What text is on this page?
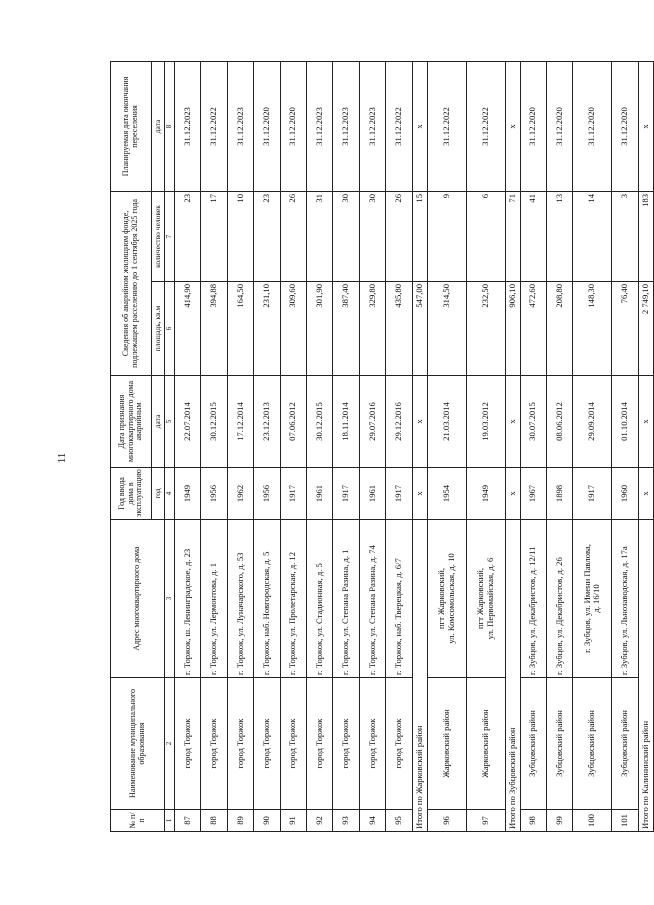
11
№ п/п	Наименование муниципального образования	Адрес многоквартирного дома	Год ввода дома в эксплуатацию	Дата признания многоквартирного дома аварийным	Сведения об аварийном жилищном фонде, подлежащем расселению до 1 сентября 2025 года		Планируемая дата окончания переселения
			год	дата	площадь, кв.м	количество человек	дата
1	2	3	4	5	6	7	8
87	город Торжок	г. Торжок, ш. Ленинградское, д. 23	1949	22.07.2014	414,90	23	31.12.2023
88	город Торжок	г. Торжок, ул. Лермонтова, д. 1	1956	30.12.2015	394,88	17	31.12.2022
89	город Торжок	г. Торжок, ул. Луначарского, д. 53	1962	17.12.2014	164,50	10	31.12.2023
90	город Торжок	г. Торжок, наб. Новгородская, д. 5	1956	23.12.2013	231,10	23	31.12.2020
91	город Торжок	г. Торжок, ул. Пролетарская, д. 12	1917	07.06.2012	309,60	26	31.12.2020
92	город Торжок	г. Торжок, ул. Стадионная, д. 5	1961	30.12.2015	301,90	31	31.12.2023
93	город Торжок	г. Торжок, ул. Степана Разина, д. 1	1917	18.11.2014	387,40	30	31.12.2023
94	город Торжок	г. Торжок, ул. Степана Разина, д. 74	1961	29.07.2016	329,80	30	31.12.2023
95	город Торжок	г. Торжок, наб. Тверецкая, д. 6/7	1917	29.12.2016	435,80	26	31.12.2022
Итого по Жарковский район			x	x	547,00	15	x
96	Жарковский район	пгт Жарковский, ул. Комсомольская, д. 10	1954	21.03.2014	314,50	9	31.12.2022
97	Жарковский район	пгт Жарковский, ул. Первомайская, д. 6	1949	19.03.2012	232,50	6	31.12.2022
Итого по Зубцовский район			x	x	906,10	71	x
98	Зубцовский район	г. Зубцов, ул. Декабристов, д. 12/11	1967	30.07.2015	472,60	41	31.12.2020
99	Зубцовский район	г. Зубцов, ул. Декабристов, д. 26	1898	08.06.2012	208,80	13	31.12.2020
100	Зубцовский район	г. Зубцов, ул. Имени Павлова, д. 16/10	1917	29.09.2014	148,30	14	31.12.2020
101	Зубцовский район	г. Зубцов, ул. Льнозаводская, д. 17а	1960	01.10.2014	76,40	3	31.12.2020
Итого по Калининский район			x	x	2 749,10	183	x
